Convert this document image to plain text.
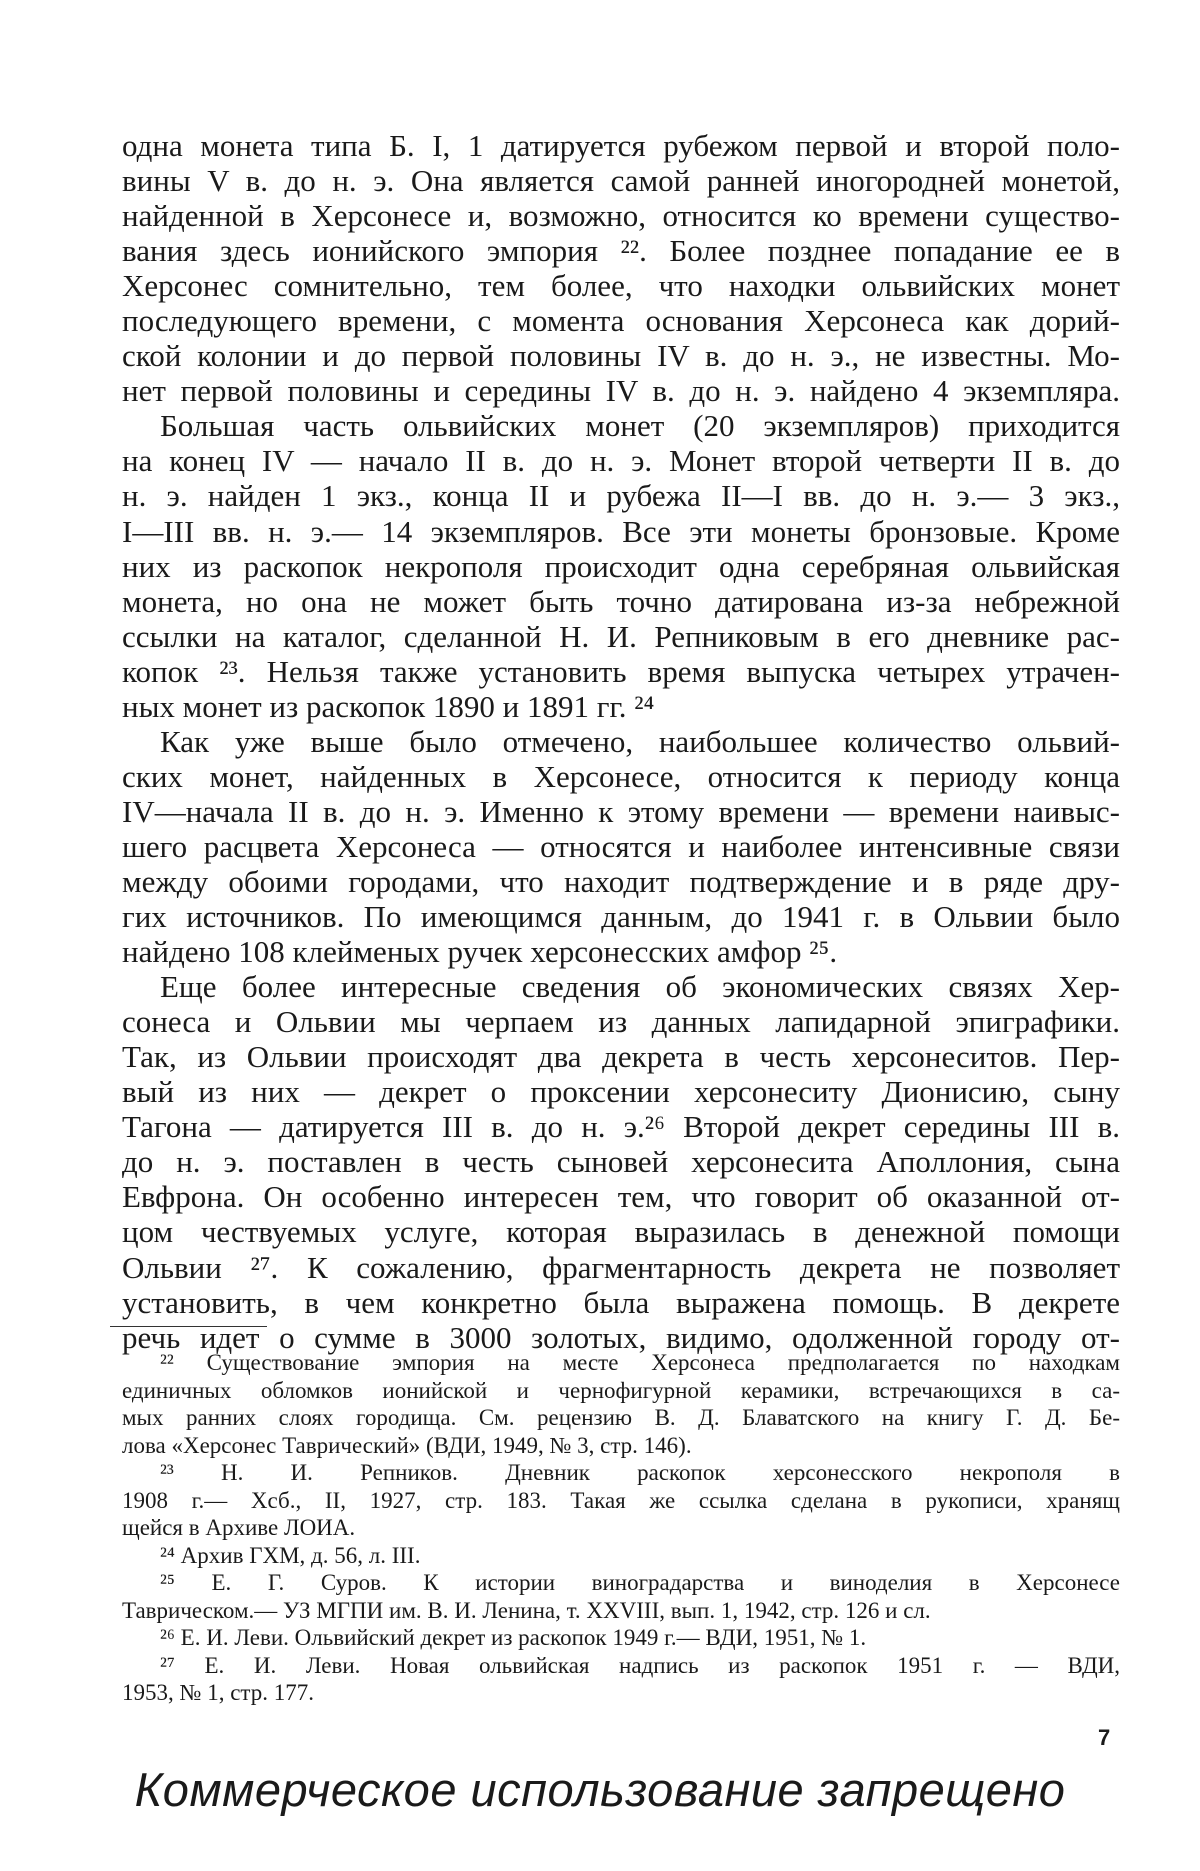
одна монета типа Б. I, 1 датируется рубежом первой и второй поло-
вины V в. до н. э. Она является самой ранней иногородней монетой,
найденной в Херсонесе и, возможно, относится ко времени существо-
вания здесь ионийского эмпория ²². Более позднее попадание ее в
Херсонес сомнительно, тем более, что находки ольвийских монет
последующего времени, с момента основания Херсонеса как дорий-
ской колонии и до первой половины IV в. до н. э., не известны. Мо-
нет первой половины и середины IV в. до н. э. найдено 4 экземпляра.
Большая часть ольвийских монет (20 экземпляров) приходится
на конец IV — начало II в. до н. э. Монет второй четверти II в. до
н. э. найден 1 экз., конца II и рубежа II—I вв. до н. э.— 3 экз.,
I—III вв. н. э.— 14 экземпляров. Все эти монеты бронзовые. Кроме
них из раскопок некрополя происходит одна серебряная ольвийская
монета, но она не может быть точно датирована из-за небрежной
ссылки на каталог, сделанной Н. И. Репниковым в его дневнике рас-
копок ²³. Нельзя также установить время выпуска четырех утрачен-
ных монет из раскопок 1890 и 1891 гг. ²⁴
Как уже выше было отмечено, наибольшее количество ольвий-
ских монет, найденных в Херсонесе, относится к периоду конца
IV—начала II в. до н. э. Именно к этому времени — времени наивыс-
шего расцвета Херсонеса — относятся и наиболее интенсивные связи
между обоими городами, что находит подтверждение и в ряде дру-
гих источников. По имеющимся данным, до 1941 г. в Ольвии было
найдено 108 клейменых ручек херсонесских амфор ²⁵.
Еще более интересные сведения об экономических связях Хер-
сонеса и Ольвии мы черпаем из данных лапидарной эпиграфики.
Так, из Ольвии происходят два декрета в честь херсонеситов. Пер-
вый из них — декрет о проксении херсонеситу Дионисию, сыну
Тагона — датируется III в. до н. э.²⁶ Второй декрет середины III в.
до н. э. поставлен в честь сыновей херсонесита Аполлония, сына
Евфрона. Он особенно интересен тем, что говорит об оказанной от-
цом чествуемых услуге, которая выразилась в денежной помощи
Ольвии ²⁷. К сожалению, фрагментарность декрета не позволяет
установить, в чем конкретно была выражена помощь. В декрете
речь идет о сумме в 3000 золотых, видимо, одолженной городу от-
²² Существование эмпория на месте Херсонеса предполагается по находкам
единичных обломков ионийской и чернофигурной керамики, встречающихся в са-
мых ранних слоях городища. См. рецензию В. Д. Блаватского на книгу Г. Д. Бе-
лова «Херсонес Таврический» (ВДИ, 1949, № 3, стр. 146).
²³ Н. И. Репников. Дневник раскопок херсонесского некрополя в
1908 г.— Хсб., II, 1927, стр. 183. Такая же ссылка сделана в рукописи, хранящ
щейся в Архиве ЛОИА.
²⁴ Архив ГХМ, д. 56, л. III.
²⁵ Е. Г. Суров. К истории виноградарства и виноделия в Херсонесе
Таврическом.— УЗ МГПИ им. В. И. Ленина, т. XXVIII, вып. 1, 1942, стр. 126 и сл.
²⁶ Е. И. Леви. Ольвийский декрет из раскопок 1949 г.— ВДИ, 1951, № 1.
²⁷ Е. И. Леви. Новая ольвийская надпись из раскопок 1951 г. — ВДИ,
1953, № 1, стр. 177.
7
Коммерческое использование запрещено
